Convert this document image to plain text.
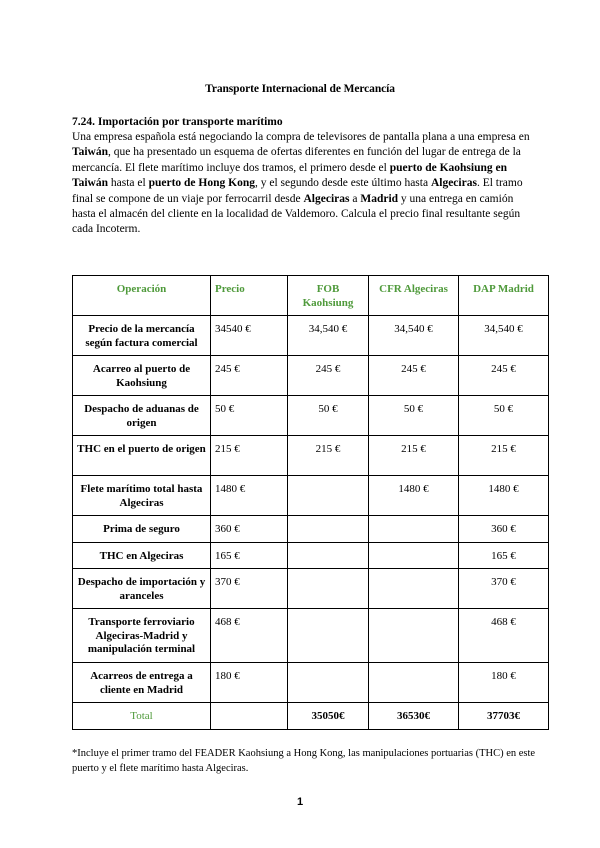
Transporte Internacional de Mercancía
7.24. Importación por transporte marítimo
Una empresa española está negociando la compra de televisores de pantalla plana a una empresa en Taiwán, que ha presentado un esquema de ofertas diferentes en función del lugar de entrega de la mercancía. El flete marítimo incluye dos tramos, el primero desde el puerto de Kaohsiung en Taiwán hasta el puerto de Hong Kong, y el segundo desde este último hasta Algeciras. El tramo final se compone de un viaje por ferrocarril desde Algeciras a Madrid y una entrega en camión hasta el almacén del cliente en la localidad de Valdemoro. Calcula el precio final resultante según cada Incoterm.
Operación	Precio	FOB Kaohsiung	CFR Algeciras	DAP Madrid
Precio de la mercancía según factura comercial	34540 €	34,540 €	34,540 €	34,540 €
Acarreo al puerto de Kaohsiung	245 €	245 €	245 €	245 €
Despacho de aduanas de origen	50 €	50 €	50 €	50 €
THC en el puerto de origen	215 €	215 €	215 €	215 €
Flete marítimo total hasta Algeciras	1480 €		1480 €	1480 €
Prima de seguro	360 €			360 €
THC en Algeciras	165 €			165 €
Despacho de importación y aranceles	370 €			370 €
Transporte ferroviario Algeciras-Madrid y manipulación terminal	468 €			468 €
Acarreos de entrega a cliente en Madrid	180 €			180 €
Total		35050€	36530€	37703€
*Incluye el primer tramo del FEADER Kaohsiung a Hong Kong, las manipulaciones portuarias (THC) en este puerto y el flete marítimo hasta Algeciras.
1
